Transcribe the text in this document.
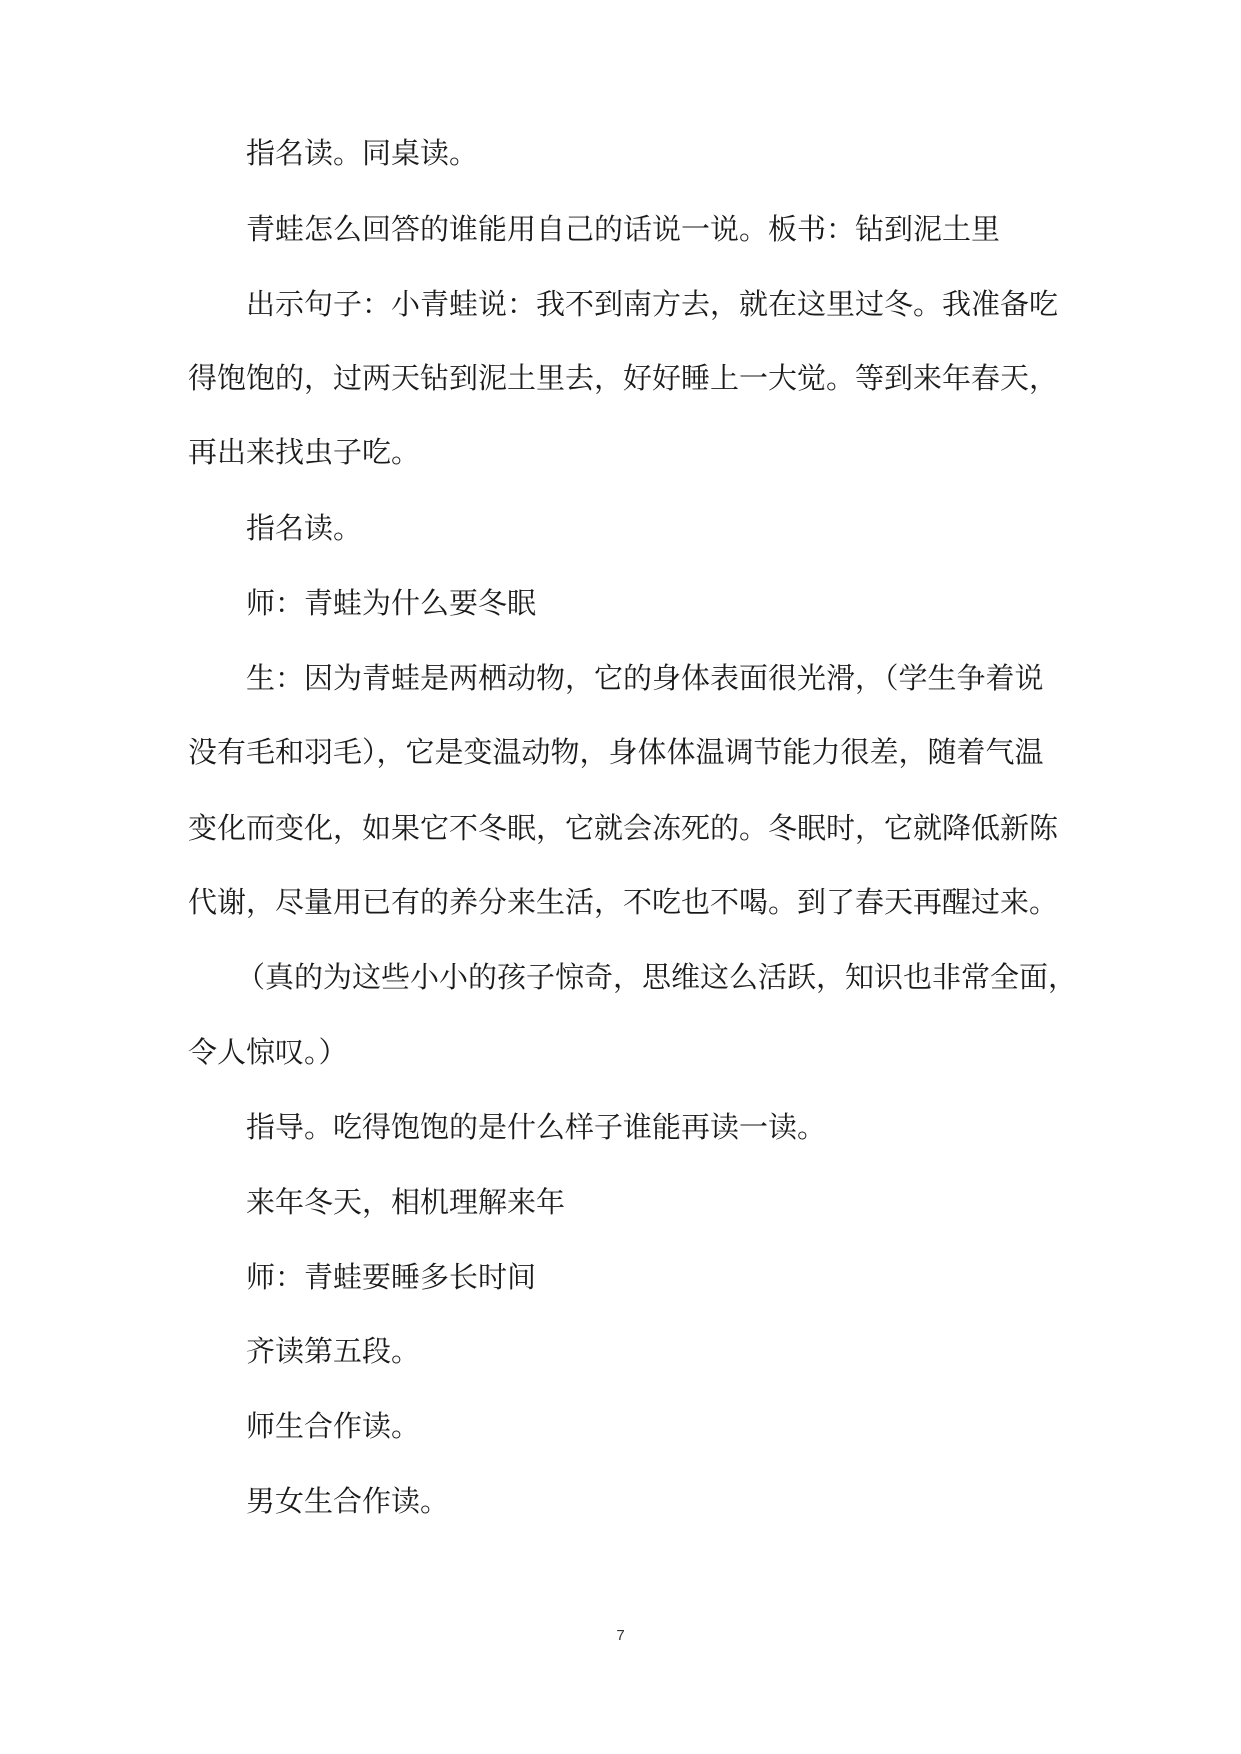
指名读。同桌读。

青蛙怎么回答的谁能用自己的话说一说。板书：钻到泥土里

出示句子：小青蛙说：我不到南方去，就在这里过冬。我准备吃

得饱饱的，过两天钻到泥土里去，好好睡上一大觉。等到来年春天，

再出来找虫子吃。

指名读。

师：青蛙为什么要冬眠

生：因为青蛙是两栖动物，它的身体表面很光滑，（学生争着说

没有毛和羽毛），它是变温动物，身体体温调节能力很差，随着气温

变化而变化，如果它不冬眠，它就会冻死的。冬眠时，它就降低新陈

代谢，尽量用已有的养分来生活，不吃也不喝。到了春天再醒过来。

（真的为这些小小的孩子惊奇，思维这么活跃，知识也非常全面，

令人惊叹。）

指导。吃得饱饱的是什么样子谁能再读一读。

来年冬天，相机理解来年

师：青蛙要睡多长时间

齐读第五段。

师生合作读。

男女生合作读。

7
